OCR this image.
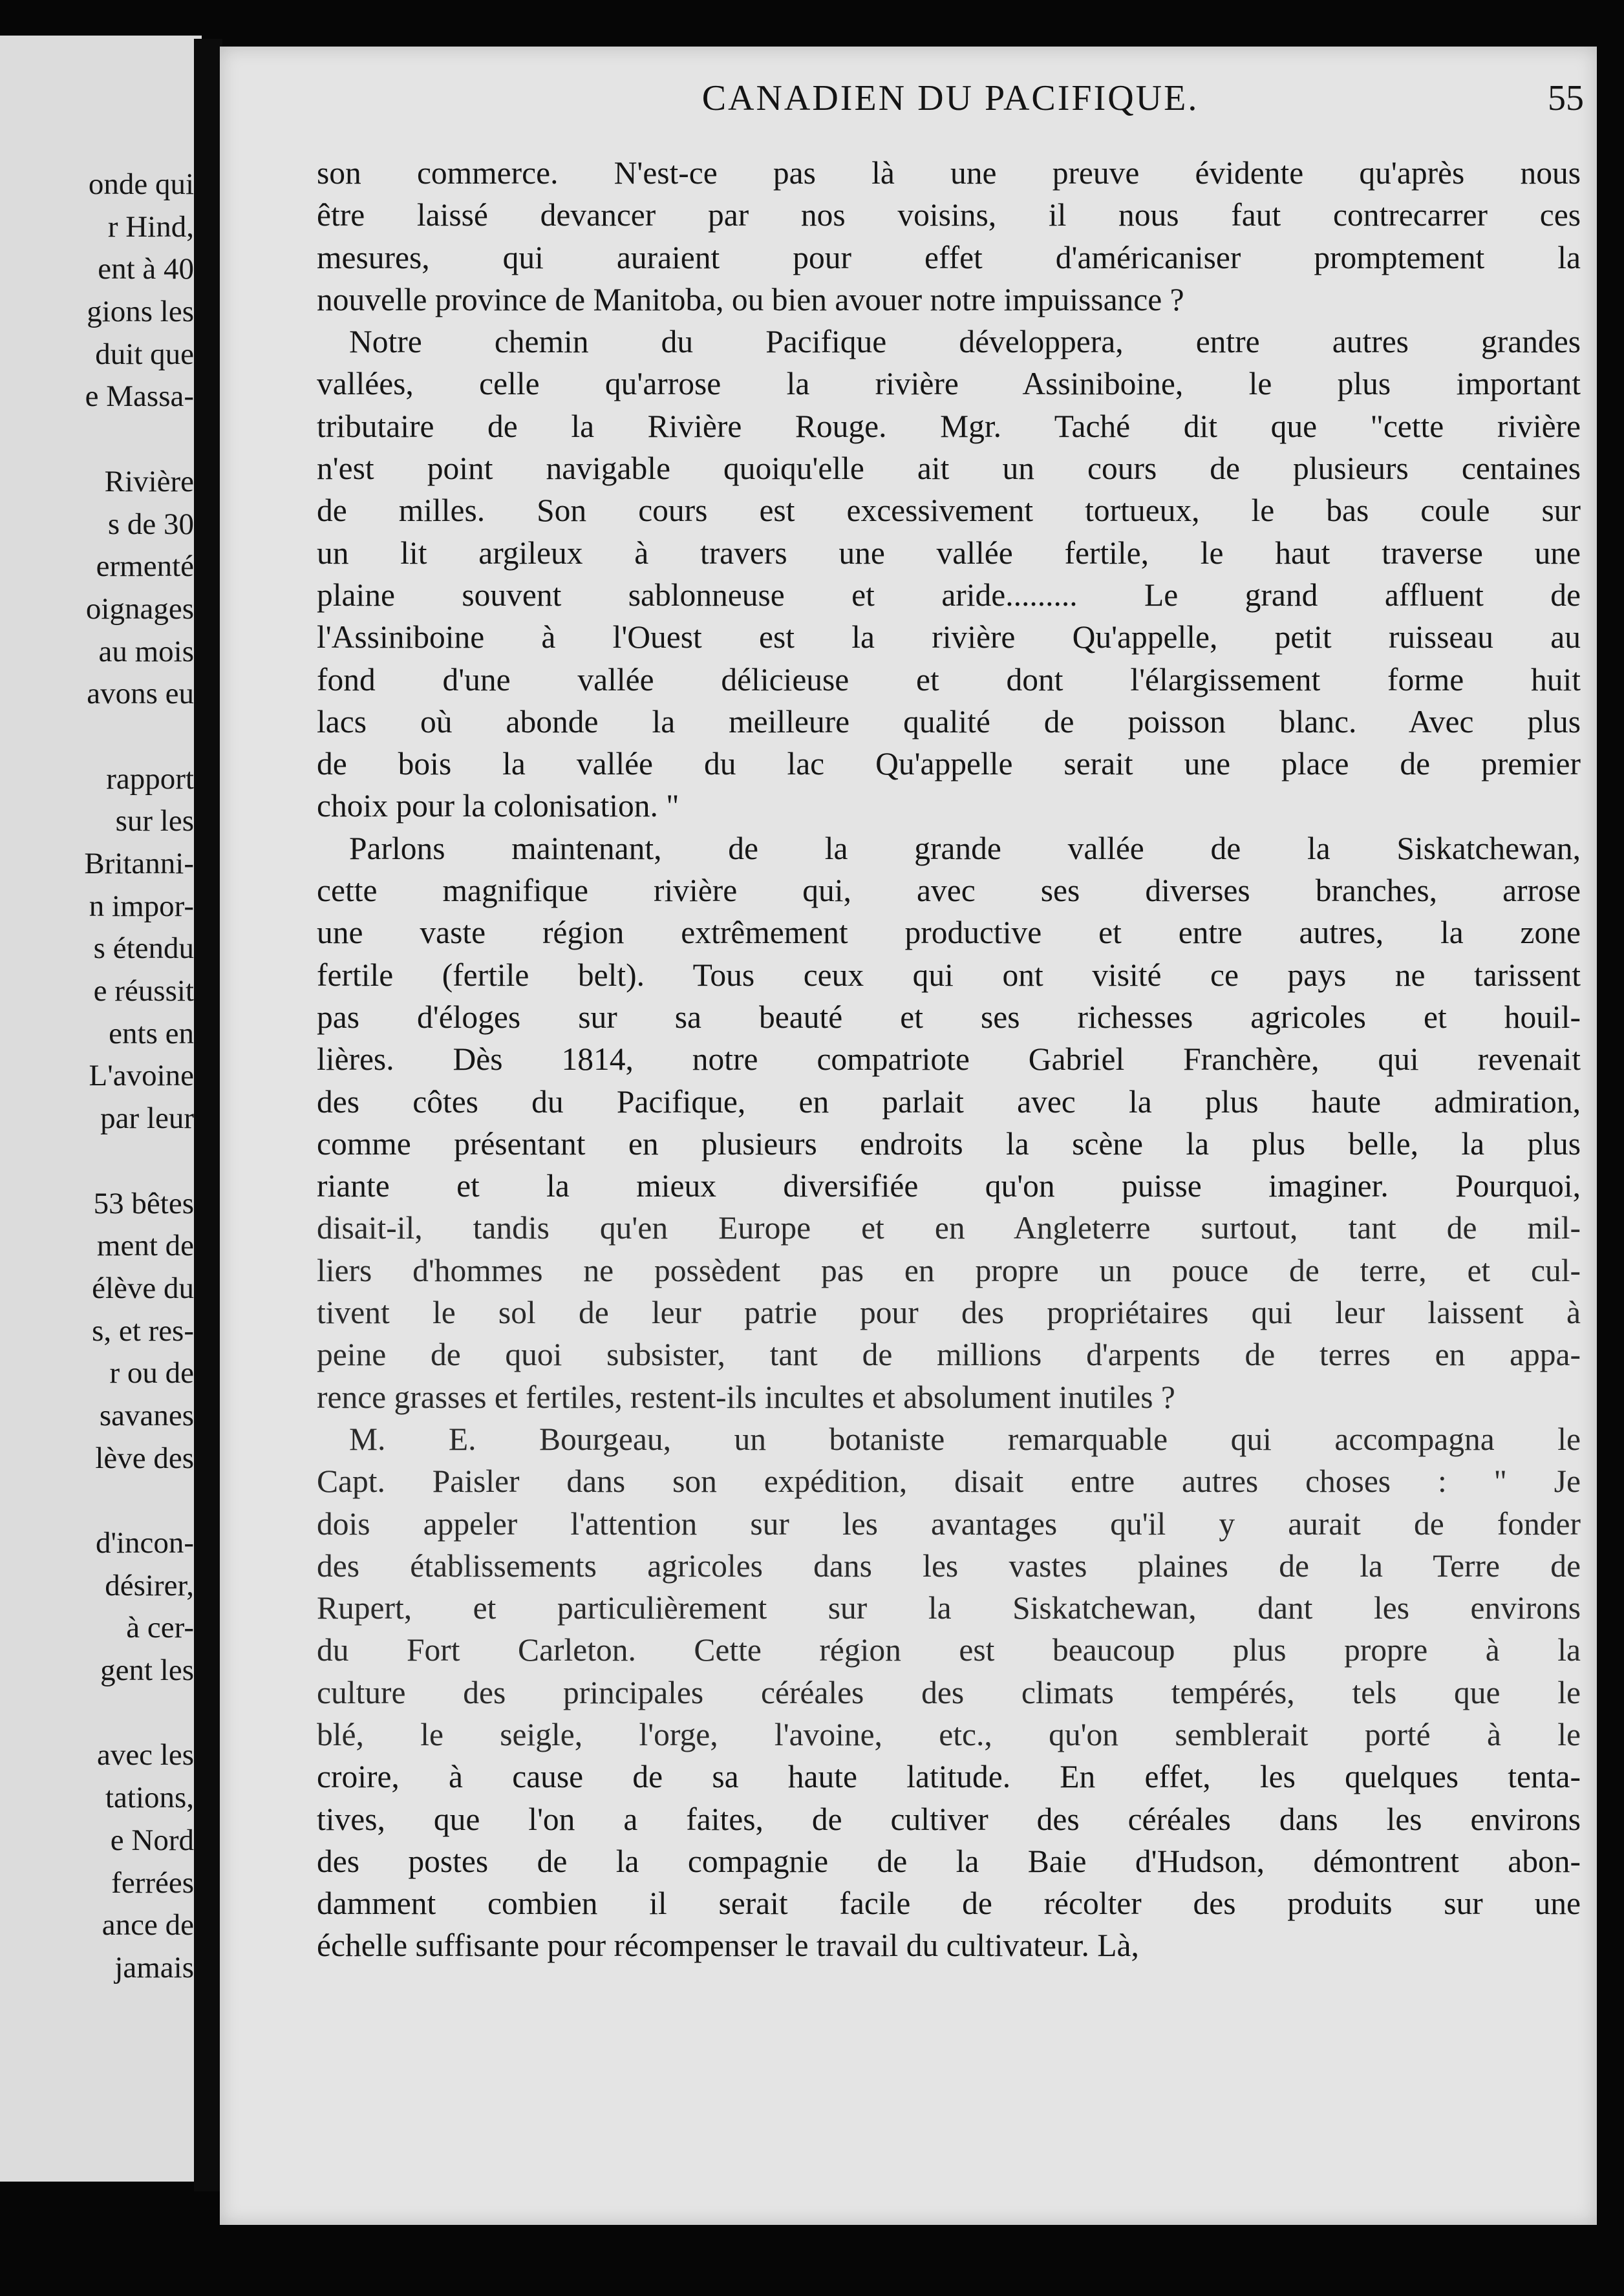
onde qui
r Hind,
ent à 40
gions les
duit que
e Massa-
Rivière
s de 30
ermenté
oignages
au mois
avons eu
rapport
sur les
Britanni-
n impor-
s étendu
e réussit
ents en
L'avoine
par leur
53 bêtes
ment de
élève du
s, et res-
r ou de
savanes
lève des
d'incon-
désirer,
à cer-
gent les
avec les
tations,
e Nord
ferrées
ance de
jamais
CANADIEN DU PACIFIQUE.	55
son commerce. N'est-ce pas là une preuve évidente qu'après nous
être laissé devancer par nos voisins, il nous faut contrecarrer ces
mesures, qui auraient pour effet d'américaniser promptement la
nouvelle province de Manitoba, ou bien avouer notre impuissance ?
Notre chemin du Pacifique développera, entre autres grandes
vallées, celle qu'arrose la rivière Assiniboine, le plus important
tributaire de la Rivière Rouge. Mgr. Taché dit que "cette rivière
n'est point navigable quoiqu'elle ait un cours de plusieurs centaines
de milles. Son cours est excessivement tortueux, le bas coule sur
un lit argileux à travers une vallée fertile, le haut traverse une
plaine souvent sablonneuse et aride......... Le grand affluent de
l'Assiniboine à l'Ouest est la rivière Qu'appelle, petit ruisseau au
fond d'une vallée délicieuse et dont l'élargissement forme huit
lacs où abonde la meilleure qualité de poisson blanc. Avec plus
de bois la vallée du lac Qu'appelle serait une place de premier
choix pour la colonisation. "
Parlons maintenant, de la grande vallée de la Siskatchewan,
cette magnifique rivière qui, avec ses diverses branches, arrose
une vaste région extrêmement productive et entre autres, la zone
fertile (fertile belt). Tous ceux qui ont visité ce pays ne tarissent
pas d'éloges sur sa beauté et ses richesses agricoles et houil-
lières. Dès 1814, notre compatriote Gabriel Franchère, qui revenait
des côtes du Pacifique, en parlait avec la plus haute admiration,
comme présentant en plusieurs endroits la scène la plus belle, la plus
riante et la mieux diversifiée qu'on puisse imaginer. Pourquoi,
disait-il, tandis qu'en Europe et en Angleterre surtout, tant de mil-
liers d'hommes ne possèdent pas en propre un pouce de terre, et cul-
tivent le sol de leur patrie pour des propriétaires qui leur laissent à
peine de quoi subsister, tant de millions d'arpents de terres en appa-
rence grasses et fertiles, restent-ils incultes et absolument inutiles ?
M. E. Bourgeau, un botaniste remarquable qui accompagna le
Capt. Paisler dans son expédition, disait entre autres choses : " Je
dois appeler l'attention sur les avantages qu'il y aurait de fonder
des établissements agricoles dans les vastes plaines de la Terre de
Rupert, et particulièrement sur la Siskatchewan, dant les environs
du Fort Carleton. Cette région est beaucoup plus propre à la
culture des principales céréales des climats tempérés, tels que le
blé, le seigle, l'orge, l'avoine, etc., qu'on semblerait porté à le
croire, à cause de sa haute latitude. En effet, les quelques tenta-
tives, que l'on a faites, de cultiver des céréales dans les environs
des postes de la compagnie de la Baie d'Hudson, démontrent abon-
damment combien il serait facile de récolter des produits sur une
échelle suffisante pour récompenser le travail du cultivateur. Là,
